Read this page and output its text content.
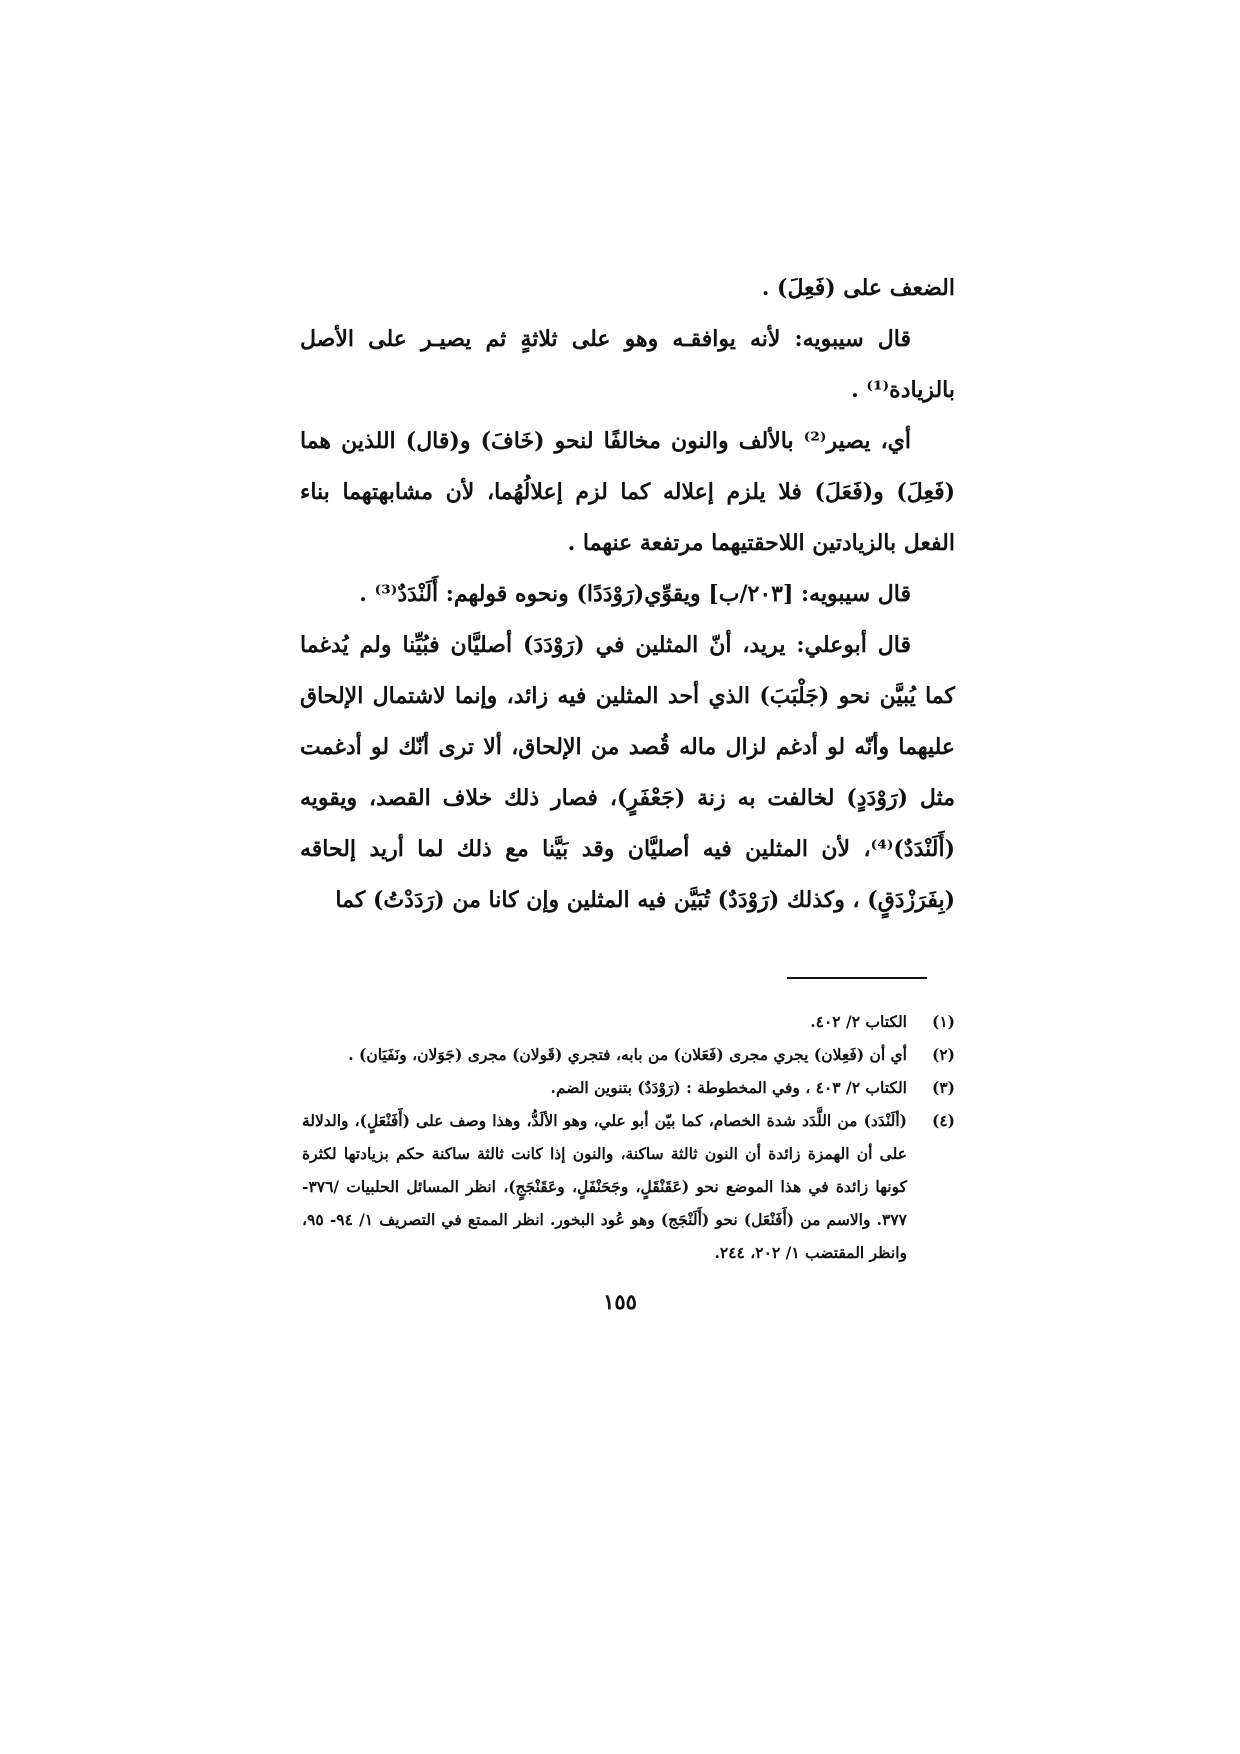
الضعف على (فَعِلَ) .

قال سيبويه: لأنه يوافقـه وهو على ثلاثةٍ ثم يصيـر على الأصل بالزيادة⁽¹⁾ .

أي، يصير⁽²⁾ بالألف والنون مخالفًا لنحو (خَافَ) و(قال) اللذين هما (فَعِلَ) و(فَعَلَ) فلا يلزم إعلاله كما لزم إعلالُهُما، لأن مشابهتهما بناء الفعل بالزيادتين اللاحقتيهما مرتفعة عنهما .

قال سيبويه: [٢٠٣/ب] ويقوِّي(رَوْدَدًا) ونحوه قولهم: أَلَنْدَدٌ⁽³⁾ .

قال أبوعلي: يريد، أنّ المثلين في (رَوْدَدَ) أصليَّان فبُيِّنا ولم يُدغما كما يُبيَّن نحو (جَلْبَبَ) الذي أحد المثلين فيه زائد، وإنما لاشتمال الإلحاق عليهما وأنّه لو أدغم لزال ماله قُصد من الإلحاق، ألا ترى أنّك لو أدغمت مثل (رَوْدَدٍ) لخالفت به زنة (جَعْفَرٍ)، فصار ذلك خلاف القصد، ويقويه (أَلَنْدَدٌ)⁽⁴⁾، لأن المثلين فيه أصليَّان وقد بَيَّنا مع ذلك لما أريد إلحاقه (بِفَرَزْدَقٍ) ، وكذلك (رَوْدَدٌ) تُبَيَّن فيه المثلين وإن كانا من (رَدَدْتُ) كما

(١)
الكتاب ٢/ ٤٠٢.
(٢)
أي أن (فَعِلان) يجري مجرى (فَعَلان) من بابه، فتجري (قَولان) مجرى (جَوَلان، ونَفَيَان) .
(٣)
الكتاب ٢/ ٤٠٣ ، وفي المخطوطة : (رَوْدَدٌ) بتنوين الضم.
(٤)
(ألَنْدَد) من اللَّدَد شدة الخصام، كما بيّن أبو علي، وهو الألَدُّ، وهذا وصف على (أَفَنْعَلٍ)، والدلالة على أن الهمزة زائدة أن النون ثالثة ساكنة، والنون إذا كانت ثالثة ساكنة حكم بزيادتها لكثرة كونها زائدة في هذا الموضع نحو (عَقَنْقَلٍ، وجَحَنْفَلٍ، وعَقَنْجَجٍ)، انظر المسائل الحلبيات /٣٧٦- ٣٧٧. والاسم من (أَفَنْعَل) نحو (أَلَنْجَج) وهو عُود البخور. انظر الممتع في التصريف ١/ ٩٤- ٩٥، وانظر المقتضب ١/ ٢٠٢، ٢٤٤.
١٥٥
